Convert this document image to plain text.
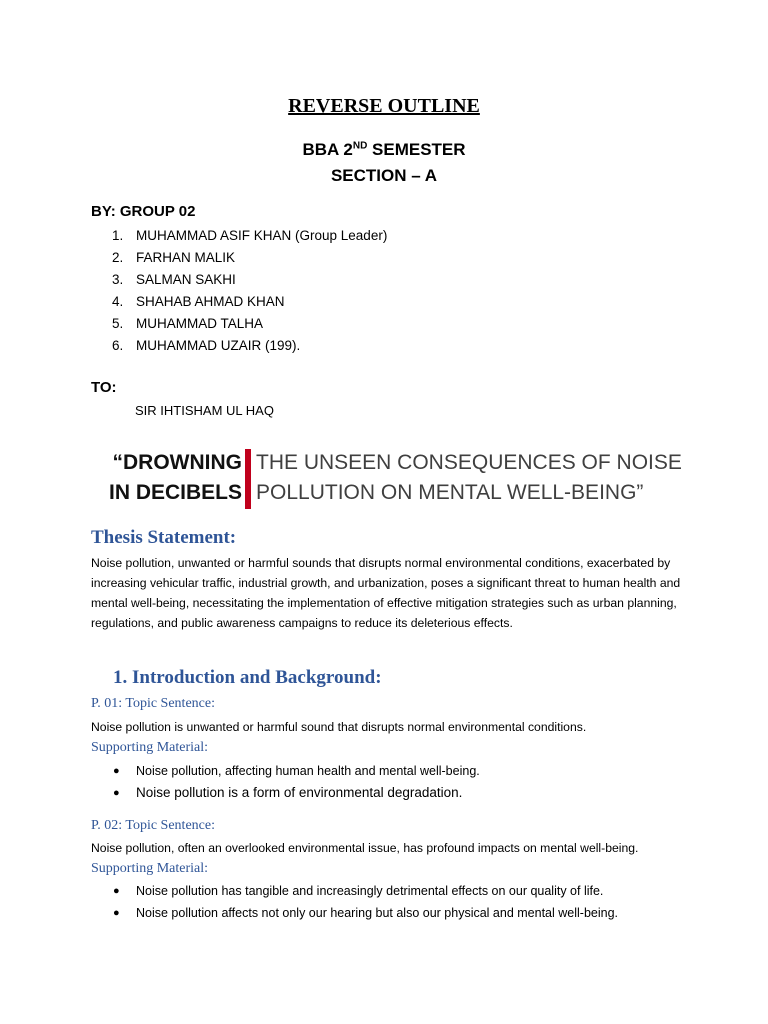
REVERSE OUTLINE
BBA 2ND SEMESTER
SECTION – A
BY: GROUP 02
1. MUHAMMAD ASIF KHAN (Group Leader)
2. FARHAN MALIK
3. SALMAN SAKHI
4. SHAHAB AHMAD KHAN
5. MUHAMMAD TALHA
6. MUHAMMAD UZAIR (199).
TO:
SIR IHTISHAM UL HAQ
“DROWNING
IN DECIBELS
THE UNSEEN CONSEQUENCES OF NOISE
POLLUTION ON MENTAL WELL-BEING”
Thesis Statement:
Noise pollution, unwanted or harmful sounds that disrupts normal environmental conditions, exacerbated by increasing vehicular traffic, industrial growth, and urbanization, poses a significant threat to human health and mental well-being, necessitating the implementation of effective mitigation strategies such as urban planning, regulations, and public awareness campaigns to reduce its deleterious effects.
1. Introduction and Background:
P. 01: Topic Sentence:
Noise pollution is unwanted or harmful sound that disrupts normal environmental conditions.
Supporting Material:
●	Noise pollution, affecting human health and mental well-being.
●	Noise pollution is a form of environmental degradation.
P. 02: Topic Sentence:
Noise pollution, often an overlooked environmental issue, has profound impacts on mental well-being.
Supporting Material:
●	Noise pollution has tangible and increasingly detrimental effects on our quality of life.
●	Noise pollution affects not only our hearing but also our physical and mental well-being.
